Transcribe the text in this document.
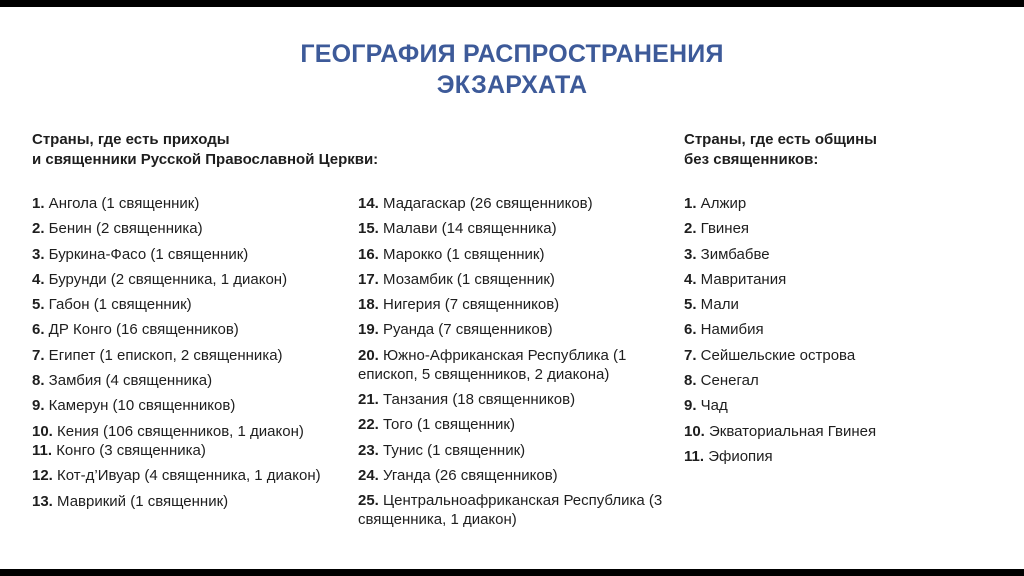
ГЕОГРАФИЯ РАСПРОСТРАНЕНИЯ
ЭКЗАРХАТА
Страны, где есть приходы
и священники Русской Православной Церкви:
Страны, где есть общины
без священников:
1. Ангола (1 священник)
2. Бенин (2 священника)
3. Буркина-Фасо (1 священник)
4. Бурунди (2 священника, 1 диакон)
5. Габон (1 священник)
6. ДР Конго (16 священников)
7. Египет (1 епископ, 2 священника)
8. Замбия (4 священника)
9. Камерун (10 священников)
10. Кения (106 священников, 1 диакон)
11. Конго (3 священника)
12. Кот-д’Ивуар (4 священника, 1 диакон)
13. Маврикий (1 священник)
14. Мадагаскар (26 священников)
15. Малави (14 священника)
16. Марокко (1 священник)
17. Мозамбик (1 священник)
18. Нигерия (7 священников)
19. Руанда (7 священников)
20. Южно-Африканская Республика (1 епископ, 5 священников, 2 диакона)
21. Танзания (18 священников)
22. Того (1 священник)
23. Тунис (1 священник)
24. Уганда (26 священников)
25. Центральноафриканская Республика (3 священника, 1 диакон)
1. Алжир
2. Гвинея
3. Зимбабве
4. Мавритания
5. Мали
6. Намибия
7. Сейшельские острова
8. Сенегал
9. Чад
10. Экваториальная Гвинея
11. Эфиопия
